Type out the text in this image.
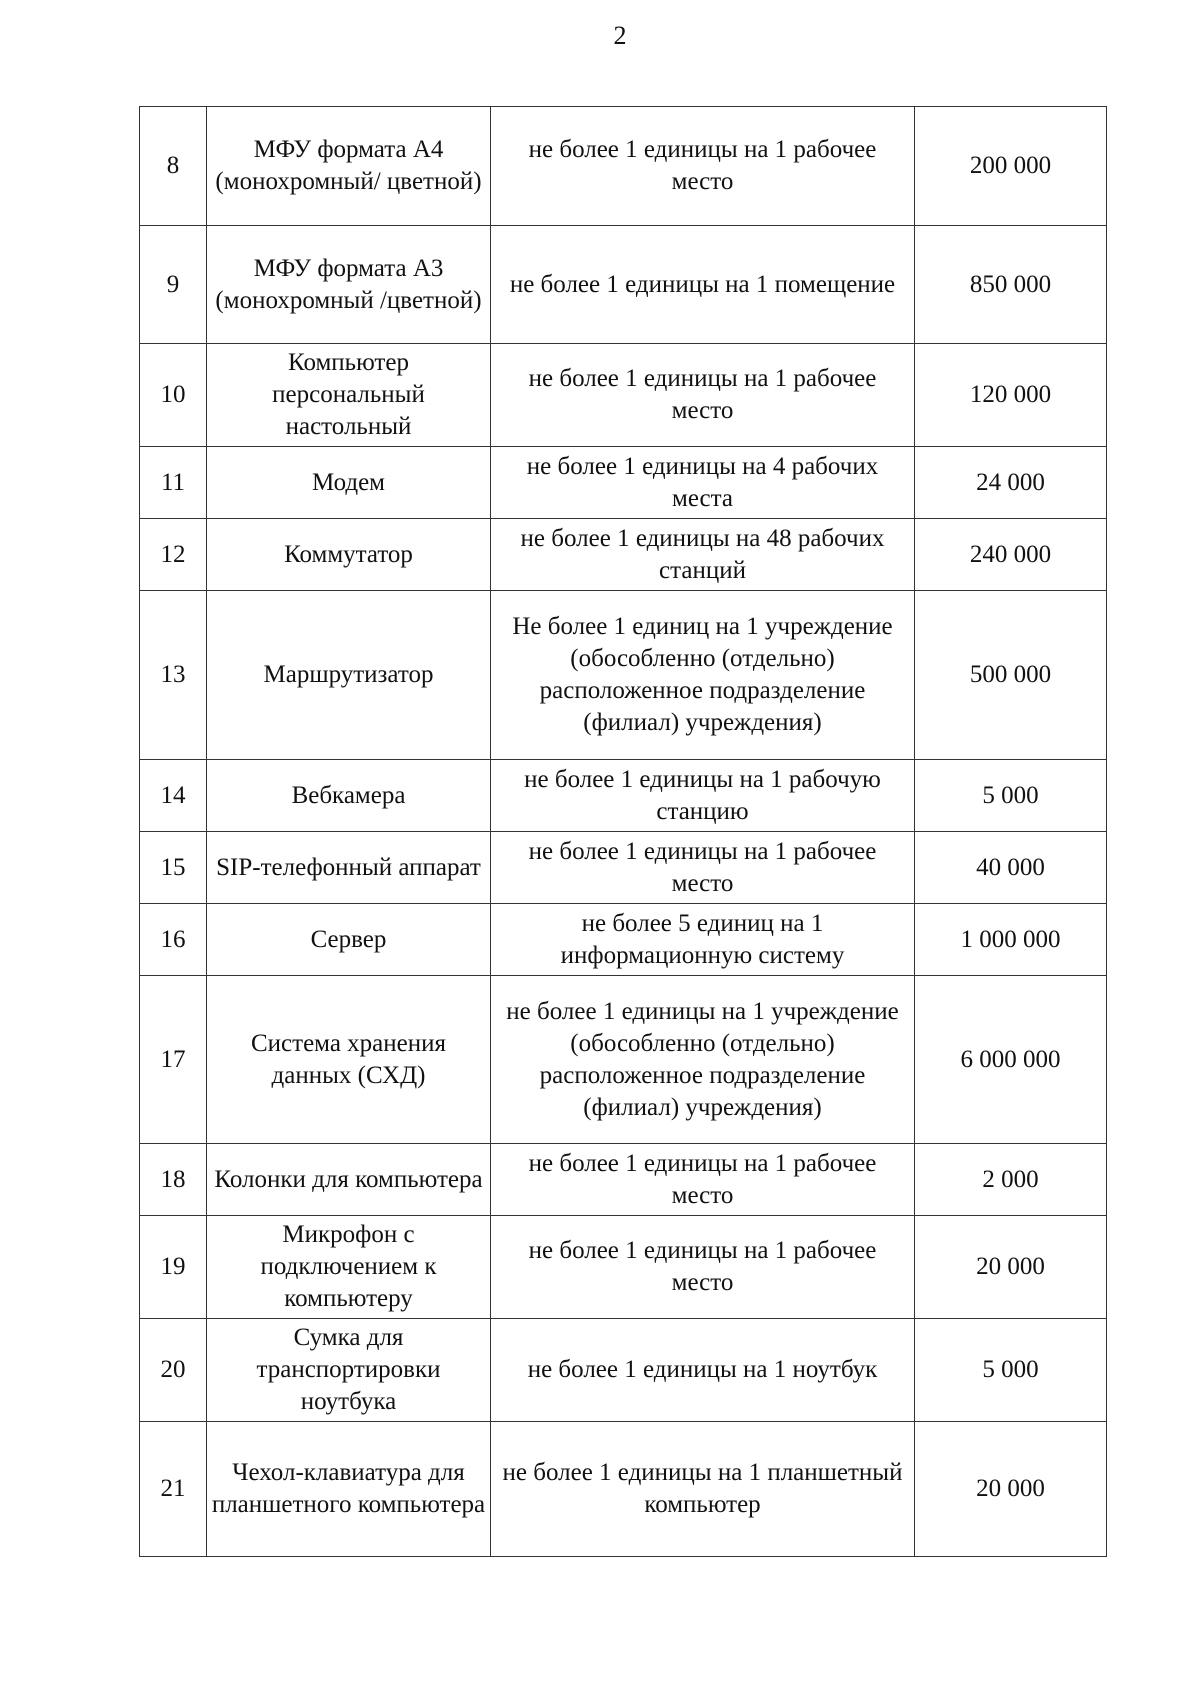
2
8	МФУ формата А4 (монохромный/ цветной)	не более 1 единицы на 1 рабочее место	200 000
9	МФУ формата А3 (монохромный /цветной)	не более 1 единицы на 1 помещение	850 000
10	Компьютер персональный настольный	не более 1 единицы на 1 рабочее место	120 000
11	Модем	не более 1 единицы на 4 рабочих места	24 000
12	Коммутатор	не более 1 единицы на 48 рабочих станций	240 000
13	Маршрутизатор	Не более 1 единиц на 1 учреждение (обособленно (отдельно) расположенное подразделение (филиал) учреждения)	500 000
14	Вебкамера	не более 1 единицы на 1 рабочую станцию	5 000
15	SIP-телефонный аппарат	не более 1 единицы на 1 рабочее место	40 000
16	Сервер	не более 5 единиц на 1 информационную систему	1 000 000
17	Система хранения данных (СХД)	не более 1 единицы на 1 учреждение (обособленно (отдельно) расположенное подразделение (филиал) учреждения)	6 000 000
18	Колонки для компьютера	не более 1 единицы на 1 рабочее место	2 000
19	Микрофон с подключением к компьютеру	не более 1 единицы на 1 рабочее место	20 000
20	Сумка для транспортировки ноутбука	не более 1 единицы на 1 ноутбук	5 000
21	Чехол-клавиатура для планшетного компьютера	не более 1 единицы на 1 планшетный компьютер	20 000
